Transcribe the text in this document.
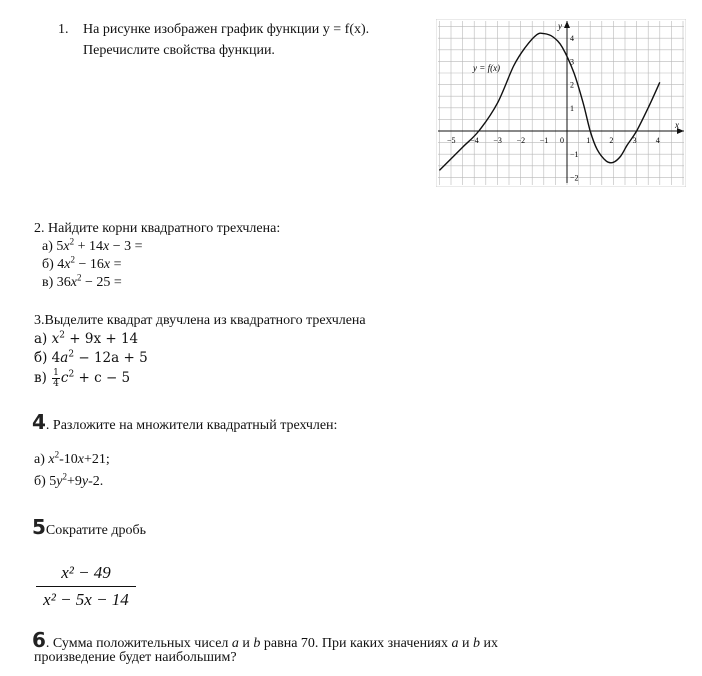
1. На рисунке изображен график функции y = f(x).
Перечислите свойства функции.
−5 −4 −3 −2 −1 0	1 2 3 4
4
3
2
1
−1
−2
y
x
y = f(x)
2. Найдите корни квадратного трехчлена:
а) $5x^2 + 14x - 3$ =
б) $4x^2 - 16x$ =
в) $36x^2 - 25$ =
3.Выделите квадрат двучлена из квадратного трехчлена
а) $x^2 + 9x + 14$
б) $4a^2 - 12a + 5$
$в) \frac{1}{4} c^2 + c - 5$
4. Разложите на множители квадратный трехчлен:
а) $x^2-10x+21$;
б) $5y^2+9y-2$.
5Сократите дробь
x² − 49
x² − 5x − 14
6. Сумма положительных чисел a и b равна 70. При каких значениях a и b их
произведение будет наибольшим?
